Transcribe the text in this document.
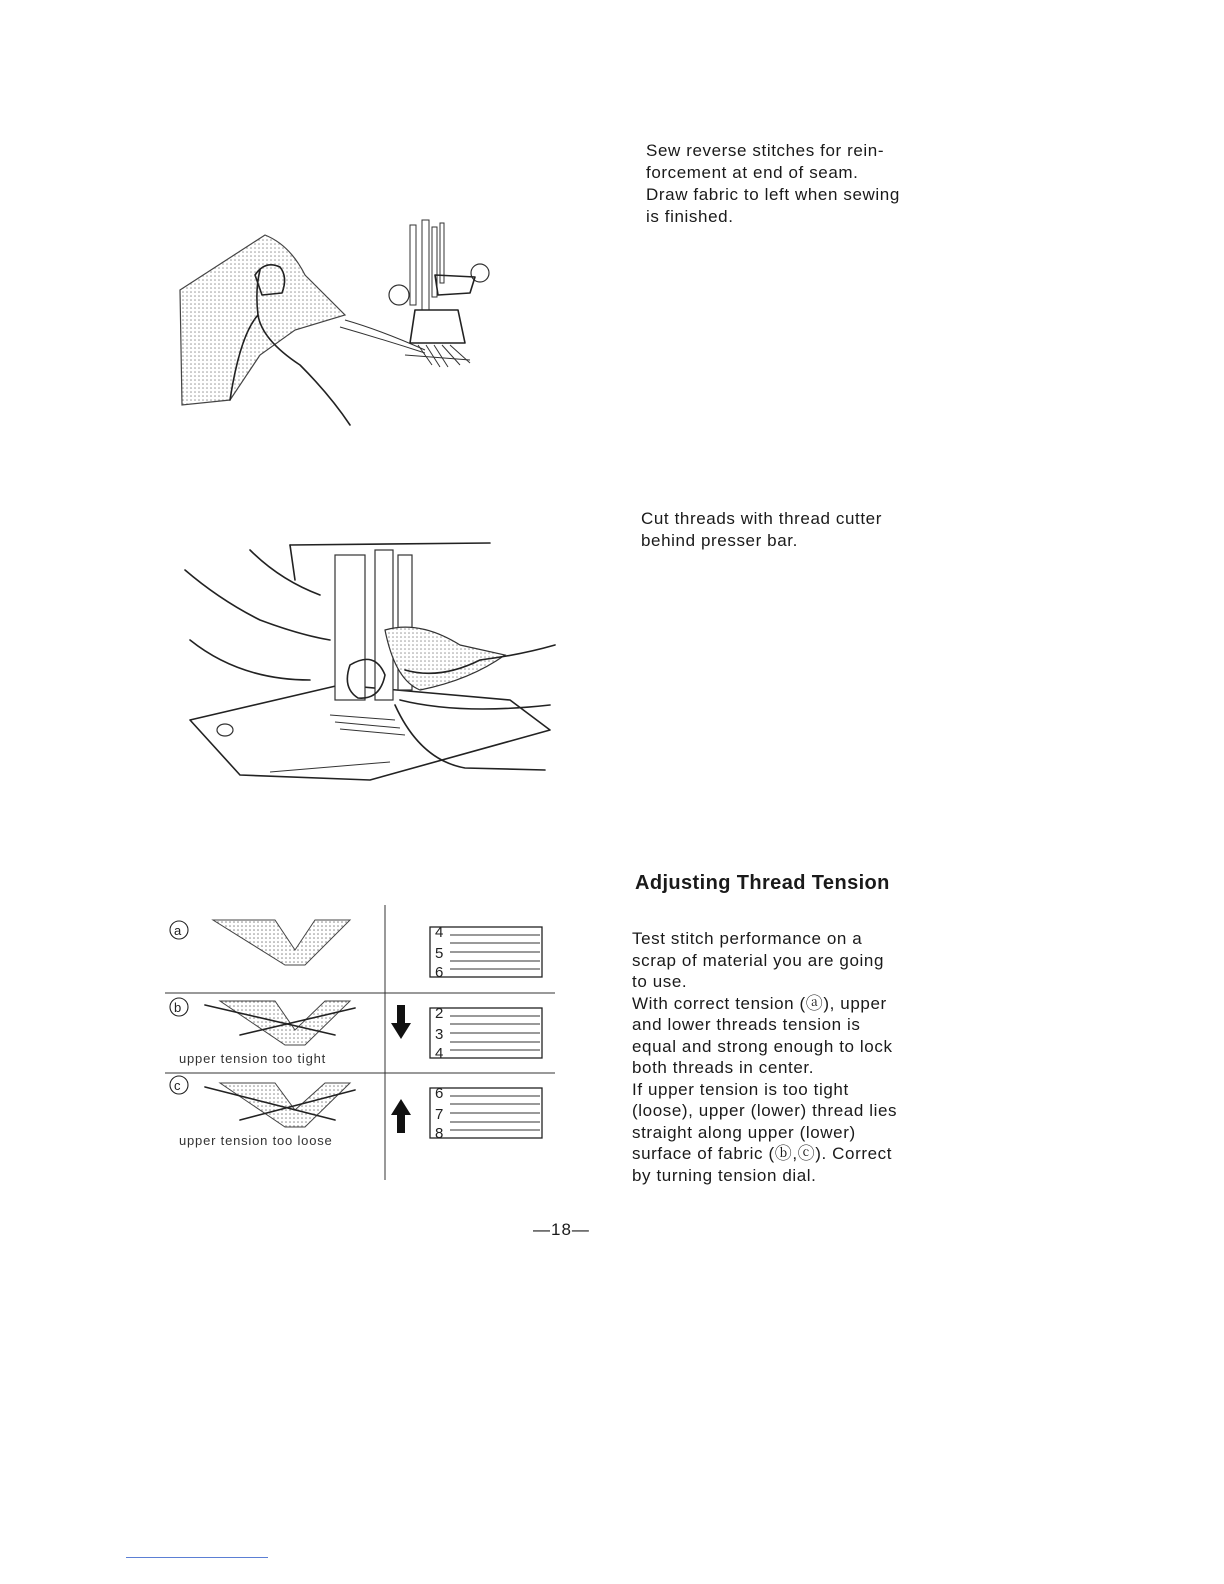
Sew reverse stitches for rein-

forcement at end of seam.

Draw fabric to left when sewing

is finished.

Cut threads with thread cutter

behind presser bar.

a	4
5
6
b
upper tension too tight
2
3
4
c
upper tension too loose
6
7
8
Adjusting Thread Tension

Test stitch performance on a

scrap of material you are going

to use.

With correct tension (ⓐ), upper

and lower threads tension is

equal and strong enough to lock

both threads in center.

If upper tension is too tight

(loose), upper (lower) thread lies

straight along upper (lower)

surface of fabric (ⓑ,ⓒ). Correct

by turning tension dial.

—18—
